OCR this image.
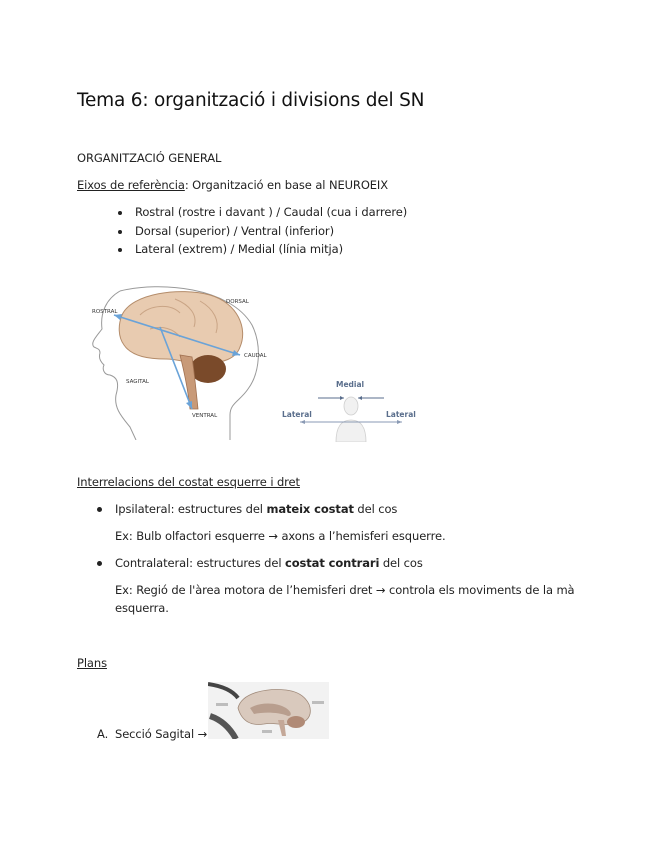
Tema 6: organització i divisions del SN
ORGANITZACIÓ GENERAL
Eixos de referència: Organització en base al NEUROEIX
Rostral (rostre i davant ) / Caudal (cua i darrere)
Dorsal (superior) / Ventral (inferior)
Lateral (extrem) / Medial (línia mitja)
ROSTRAL
DORSAL
CAUDAL
VENTRAL
SAGITAL	Medial
Lateral	Lateral
Interrelacions del costat esquerre i dret
Ipsilateral: estructures del mateix costat del cos
Ex: Bulb olfactori esquerre → axons a l’hemisferi esquerre.
Contralateral: estructures del costat contrari del cos
Ex: Regió de l'àrea motora de l’hemisferi dret → controla els moviments de la mà
esquerra.
Plans
A. Secció Sagital →
